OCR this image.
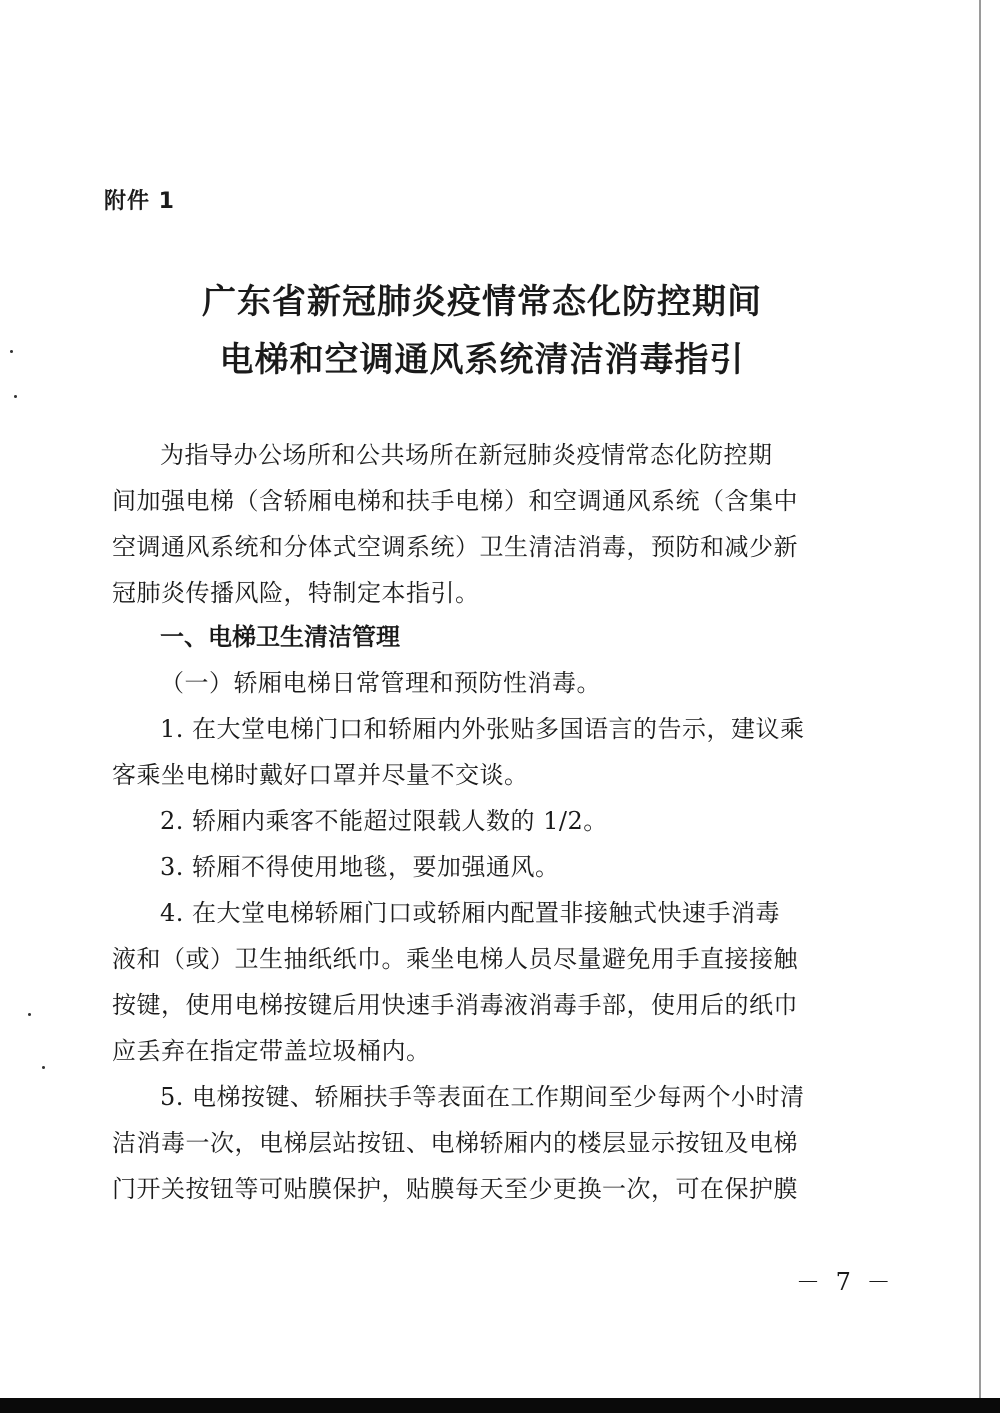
附件 1
广东省新冠肺炎疫情常态化防控期间
电梯和空调通风系统清洁消毒指引
为指导办公场所和公共场所在新冠肺炎疫情常态化防控期
间加强电梯（含轿厢电梯和扶手电梯）和空调通风系统（含集中
空调通风系统和分体式空调系统）卫生清洁消毒，预防和减少新
冠肺炎传播风险，特制定本指引。
一、电梯卫生清洁管理
（一）轿厢电梯日常管理和预防性消毒。
1. 在大堂电梯门口和轿厢内外张贴多国语言的告示，建议乘
客乘坐电梯时戴好口罩并尽量不交谈。
2. 轿厢内乘客不能超过限载人数的 1/2。
3. 轿厢不得使用地毯，要加强通风。
4. 在大堂电梯轿厢门口或轿厢内配置非接触式快速手消毒
液和（或）卫生抽纸纸巾。乘坐电梯人员尽量避免用手直接接触
按键，使用电梯按键后用快速手消毒液消毒手部，使用后的纸巾
应丢弃在指定带盖垃圾桶内。
5. 电梯按键、轿厢扶手等表面在工作期间至少每两个小时清
洁消毒一次，电梯层站按钮、电梯轿厢内的楼层显示按钮及电梯
门开关按钮等可贴膜保护，贴膜每天至少更换一次，可在保护膜
－ 7 －
